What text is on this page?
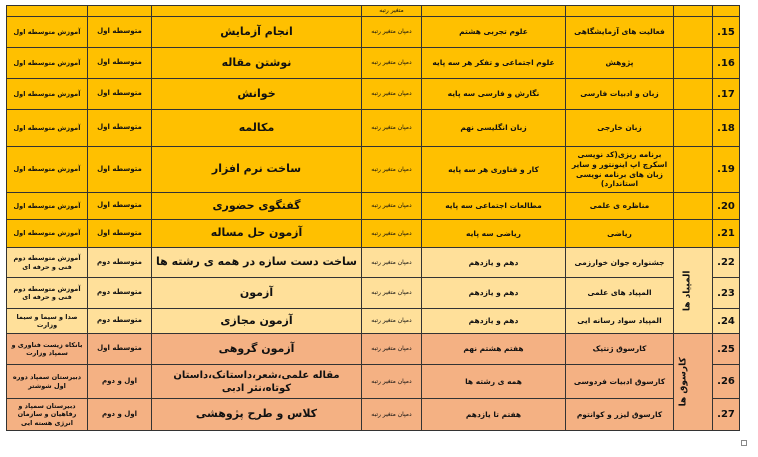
				متغیر رتبه			
.15		فعالیت های آزمایشگاهی	علوم تجربی هشتم	دمپان متغیر رتبه	انجام آزمایش	متوسطه اول	آموزش متوسطه اول
.16		پژوهش	علوم اجتماعی و تفکر هر سه پایه	دمپان متغیر رتبه	نوشتن مقاله	متوسطه اول	آموزش متوسطه اول
.17		زبان و ادبیات فارسی	نگارش و فارسی سه پایه	دمپان متغیر رتبه	خوانش	متوسطه اول	آموزش متوسطه اول
.18		زبان خارجی	زبان انگلیسی نهم	دمپان متغیر رتبه	مکالمه	متوسطه اول	آموزش متوسطه اول
.19		برنامه ریزی(کد نویسی اسکرچ اپ اینونتور و سایر زبان های برنامه نویسی استاندارد)	کار و فناوری هر سه پایه	دمپان متغیر رتبه	ساخت نرم افزار	متوسطه اول	آموزش متوسطه اول
.20		مناظره ی علمی	مطالعات اجتماعی سه پایه	دمپان متغیر رتبه	گفتگوی حضوری	متوسطه اول	آموزش متوسطه اول
.21		ریاضی	ریاضی سه پایه	دمپان متغیر رتبه	آزمون حل مساله	متوسطه اول	آموزش متوسطه اول
.22	المپیاد ها	جشنواره جوان خوارزمی	دهم و یازدهم	دمپان متغیر رتبه	ساخت دست سازه در همه ی رشته ها	متوسطه دوم	آموزش متوسطه دوم فنی و حرفه ای
.23		المپیاد های علمی	دهم و یازدهم	دمپان متغیر رتبه	آزمون	متوسطه دوم	آموزش متوسطه دوم فنی و حرفه ای
.24		المپیاد سواد رسانه ایی	دهم و یازدهم	دمپان متغیر رتبه	آزمون مجازی	متوسطه دوم	صدا و سیما و سیما وزارت
.25	کارسوق ها	کارسوق ژنتیک	هفتم هشتم نهم	دمپان متغیر رتبه	آزمون گروهی	متوسطه اول	بانکاه زیست فناوری و سمپاد وزارت
.26		کارسوق ادبیات فردوسی	همه ی رشته ها	دمپان متغیر رتبه	مقاله علمی،شعر،داستانک،داستان کوتاه،نثر ادبی	اول و دوم	دبیرستان سمپاد دوره اول شوشتر
.27		کارسوق لیزر و کوانتوم	هفتم تا یازدهم	دمپان متغیر رتبه	کلاس و طرح پژوهشی	اول و دوم	دبیرستان سمپاد و رفاهیان و سازمان انرژی هسته ایی
